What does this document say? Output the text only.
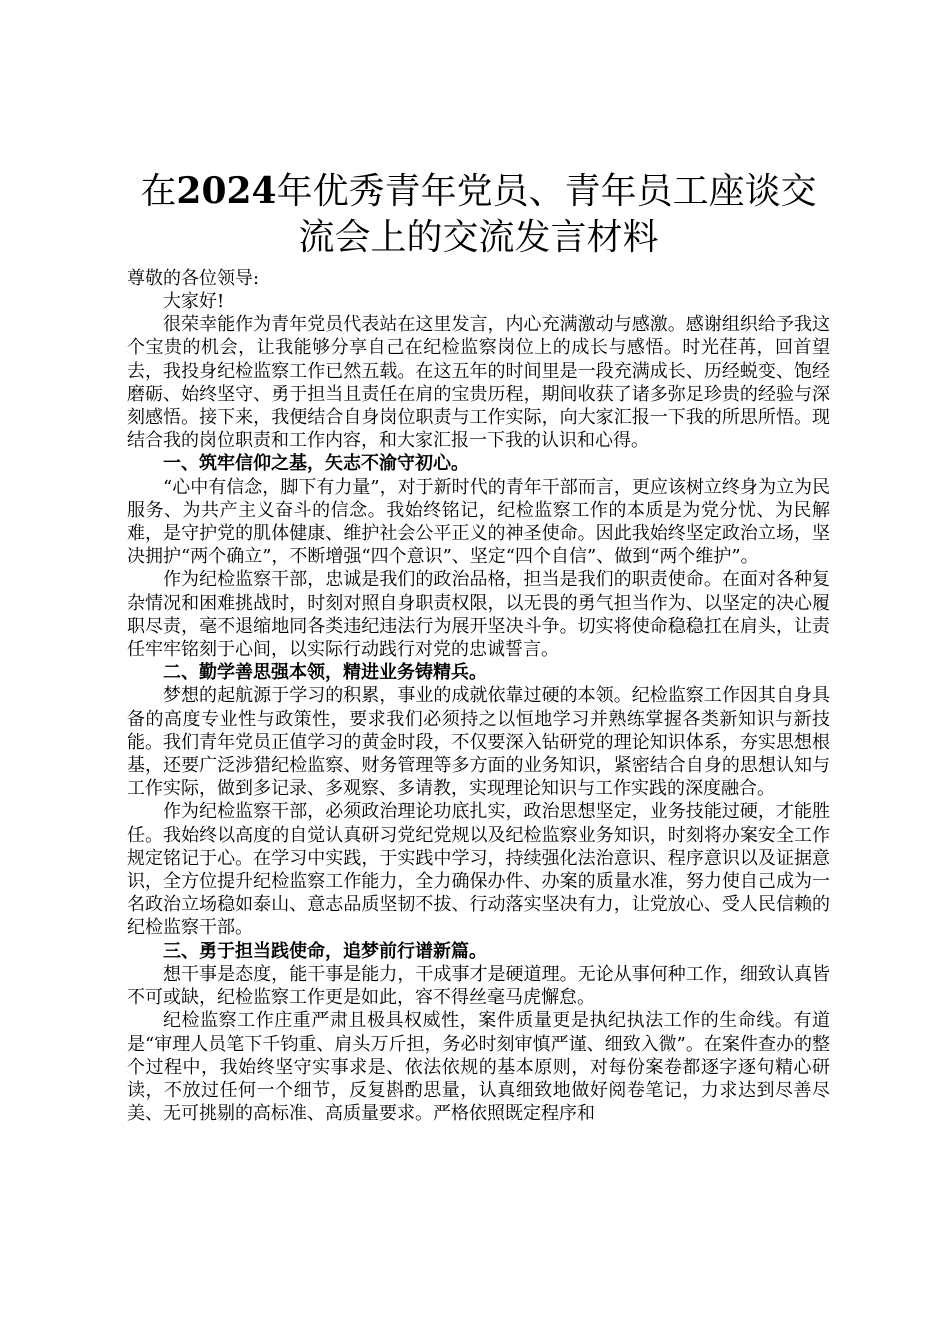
在2024年优秀青年党员、青年员工座谈交流会上的交流发言材料

尊敬的各位领导:

大家好!

很荣幸能作为青年党员代表站在这里发言，内心充满激动与感激。感谢组织给予我这个宝贵的机会，让我能够分享自己在纪检监察岗位上的成长与感悟。时光荏苒，回首望去，我投身纪检监察工作已然五载。在这五年的时间里是一段充满成长、历经蜕变、饱经磨砺、始终坚守、勇于担当且责任在肩的宝贵历程，期间收获了诸多弥足珍贵的经验与深刻感悟。接下来，我便结合自身岗位职责与工作实际，向大家汇报一下我的所思所悟。现结合我的岗位职责和工作内容，和大家汇报一下我的认识和心得。

一、筑牢信仰之基，矢志不渝守初心。

“心中有信念，脚下有力量”，对于新时代的青年干部而言，更应该树立终身为立为民服务、为共产主义奋斗的信念。我始终铭记，纪检监察工作的本质是为党分忧、为民解难，是守护党的肌体健康、维护社会公平正义的神圣使命。因此我始终坚定政治立场，坚决拥护“两个确立”，不断增强“四个意识”、坚定“四个自信”、做到“两个维护”。

作为纪检监察干部，忠诚是我们的政治品格，担当是我们的职责使命。在面对各种复杂情况和困难挑战时，时刻对照自身职责权限，以无畏的勇气担当作为、以坚定的决心履职尽责，毫不退缩地同各类违纪违法行为展开坚决斗争。切实将使命稳稳扛在肩头，让责任牢牢铭刻于心间，以实际行动践行对党的忠诚誓言。

二、勤学善思强本领，精进业务铸精兵。

梦想的起航源于学习的积累，事业的成就依靠过硬的本领。纪检监察工作因其自身具备的高度专业性与政策性，要求我们必须持之以恒地学习并熟练掌握各类新知识与新技能。我们青年党员正值学习的黄金时段，不仅要深入钻研党的理论知识体系，夯实思想根基，还要广泛涉猎纪检监察、财务管理等多方面的业务知识，紧密结合自身的思想认知与工作实际，做到多记录、多观察、多请教，实现理论知识与工作实践的深度融合。

作为纪检监察干部，必须政治理论功底扎实，政治思想坚定，业务技能过硬，才能胜任。我始终以高度的自觉认真研习党纪党规以及纪检监察业务知识，时刻将办案安全工作规定铭记于心。在学习中实践，于实践中学习，持续强化法治意识、程序意识以及证据意识，全方位提升纪检监察工作能力，全力确保办件、办案的质量水准，努力使自己成为一名政治立场稳如泰山、意志品质坚韧不拔、行动落实坚决有力，让党放心、受人民信赖的纪检监察干部。

三、勇于担当践使命，追梦前行谱新篇。

想干事是态度，能干事是能力，干成事才是硬道理。无论从事何种工作，细致认真皆不可或缺，纪检监察工作更是如此，容不得丝毫马虎懈怠。

纪检监察工作庄重严肃且极具权威性，案件质量更是执纪执法工作的生命线。有道是“审理人员笔下千钧重、肩头万斤担，务必时刻审慎严谨、细致入微”。在案件查办的整个过程中，我始终坚守实事求是、依法依规的基本原则，对每份案卷都逐字逐句精心研读，不放过任何一个细节，反复斟酌思量，认真细致地做好阅卷笔记，力求达到尽善尽美、无可挑剔的高标准、高质量要求。严格依照既定程序和
